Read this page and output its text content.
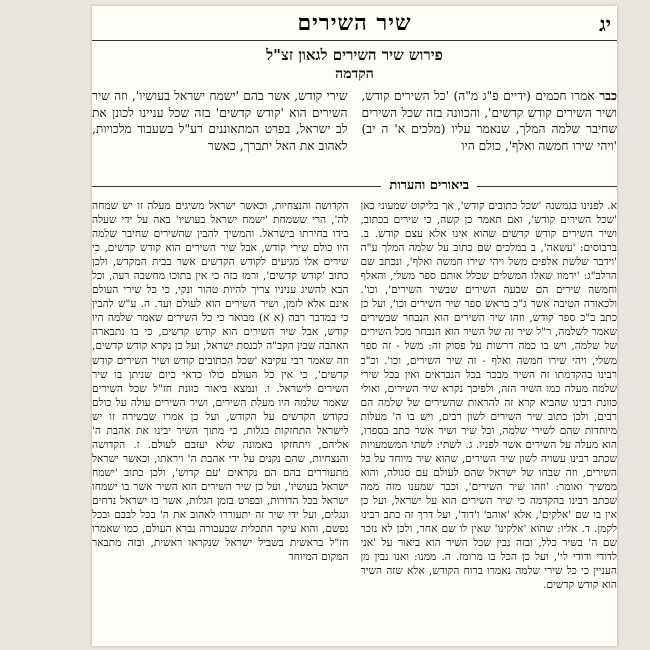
שיר השירים	יג
פירוש שיר השירים לגאון זצ"ל
הקדמה
כבר אמרו חכמים (ידיים פ"ג מ"ה) 'כל השירים קודש, ושיר השירים קודש קדשים', והכוונה בזה שכל השירים שחיבר שלמה המלך, שנאמר עליו (מלכים א' ה יב) 'ויהי שירו חמשה ואלף', כולם היו
שירי קודש, אשר בהם 'ישמח ישראל בעושיו', וזה שיר השירים הוא 'קודש קדשים' בזה שכל עניינו לכונן את לב ישראל, בפרט המתאוננים רע"ל בשעבוד מלכויות, לאהוב את האל יתברך, כאשר
ביאורים והערות
א. לפנינו בגמשנה 'שכל כתובים קודש', אך בליקוט שמעוני כאן 'שכל השירים קודש', ואם תאמר כן קשה, כי שירים בכתוב, ושיר השירים קודש קדשים שהוא אינו אלא עצם קודש. ב. ברבוסים: 'עשאה', ב במלכים שם כתוב על שלמה המלך ע"ה 'וידבר שלשת אלפים משל ויהי שירו חמשה ואלף', ונכתב שם הרלב"ג: 'ירמוז שאלו המשלים שכלל אותם ספר משלי, והאלף וחמשה שירים הם שבעה השירים שבשיר השירים', וכו'. ולכאורה הטיבה אשר ג"כ בראש ספר שיר השירים וכו', ועל כן כתב ב"כ ספר קודש, וזהו שיר השירים הוא הנבחר שבשירים שאמר לשלמה, ר"ל שיר זה של השיר הוא הנבחר מכל השירים של שלמה, ויש בו כמה דרשות על פסוק זה: משל - זה ספר משלי, ויהי שירו חמשה ואלף - זה שיר השירים, וכו'. וכ"כ רבינו בהקדמתו זה השיר מבכר בכל הנבראים ואין בכל שירי שלמה מעלה כמו השיר הזה, ולפיכך נקרא שיר השירים, ואולי כוונת רבינו שהביא קרא זה להראות שהשירים של שלמה הם רבים, ולכן כתוב שיר השירים לשון רבים, ויש בו ה' מעלות מיוחדות שהם לשירי שלמה, וכל שיר ושיר אשר כתב בספרו, הוא מעלה על השירים אשר לפניו. ג. לשתי: לשתי המשמעויות שכתב רבינו עשויה לשון שיר השירים, שהוא שיר מיוחד על כל השירים, וזה שבחו של ישראל שהם לעולם עם סגולה, והוא ממשיך ואומר: 'וזהו שיר השירים', וכבר שמענו מזה ממה שכתב רבינו בהקדמה כי שיר השירים הוא על ישראל, ועל כן אין בו שם 'אלקים', אלא 'אוהב' ו'דוד', ועל דרך זה כתב רבינו לקמן. ד. אליו: שהוא 'אלקינו' שאין לו שם אחר, ולכן לא נזכר שם ה' בשיר כלל, ובזה נבין שכל השיר הוא ביאור על 'אני לדודי ודודי לי', ועל כן הכל בו מרומז. ה. ממנו: ואנו נבין מן העניין כי כל שירי שלמה נאמרו ברוח הקודש, אלא שזה השיר הוא קודש קדשים.
הקדושה והנצחיות, וכאשר ישראל משיגים מעלה זו יש שמחה לה', הרי ששמחת 'ישמח ישראל בעושיו' באה על ידי שעלה בידו בחירתו בישראל. והמשיך להבין שהשירים שחיבר שלמה היו כולם שירי קודש, אבל שיר השירים הוא קודש קדשים, כי שירים אלו מגיעים לקודש הקדשים אשר בבית המקדש, ולכן כתוב 'קודש קדשים', ורמז בזה כי אין בתוכו מחשבה רעה, וכל הבא להשיג עניניו צריך להיות טהור ונקי, כי כל שירי העולם אינם אלא לזמן, ושיר השירים הוא לעולם ועד. ה. ע"ש להבין כי במדבר רבה (א א) מבואר כי כל השירים שאמר שלמה היו קודש, אבל שיר השירים הוא קודש קדשים, כי בו נתבארה האהבה שבין הקב"ה לכנסת ישראל, ועל כן נקרא קודש קדשים, וזה שאמר רבי עקיבא 'שכל הכתובים קודש ושיר השירים קודש קדשים', כי אין כל העולם כולו כדאי כיום שניתן בו שיר השירים לישראל. ו. ונמצא ביאור כוונת חז"ל שכל השירים שאמר שלמה היו מעלת השירים, ושיר השירים עולה על כולם כקודש הקדשים על הקודש, ועל כן אמרו שבשירה זו יש לישראל התחזקות בגלות, כי מתוך השיר יבינו את אהבת ה' אליהם, ויתחזקו באמונה שלא יעזבם לעולם. ז. הקדושה והנצחיות, שהם נקנים על ידי אהבת ה' ויראתו, וכאשר ישראל מתעוררים בהם הם נקראים 'עם קדוש', ולכן כתוב 'ישמח ישראל בעושיו', ועל כן שיר השירים הוא השיר אשר בו ישמחו ישראל בכל הדורות, ובפרט בזמן הגלות, אשר בו ישראל נדחים ונגלים, ועל ידי שיר זה יתעוררו לאהוב את ה' בכל לבבם ובכל נפשם, והוא עיקר התכלית שבעבורה נברא העולם, כמו שאמרו חז"ל בראשית בשביל ישראל שנקראו ראשית, ובזה מתבאר המקום המיוחד
